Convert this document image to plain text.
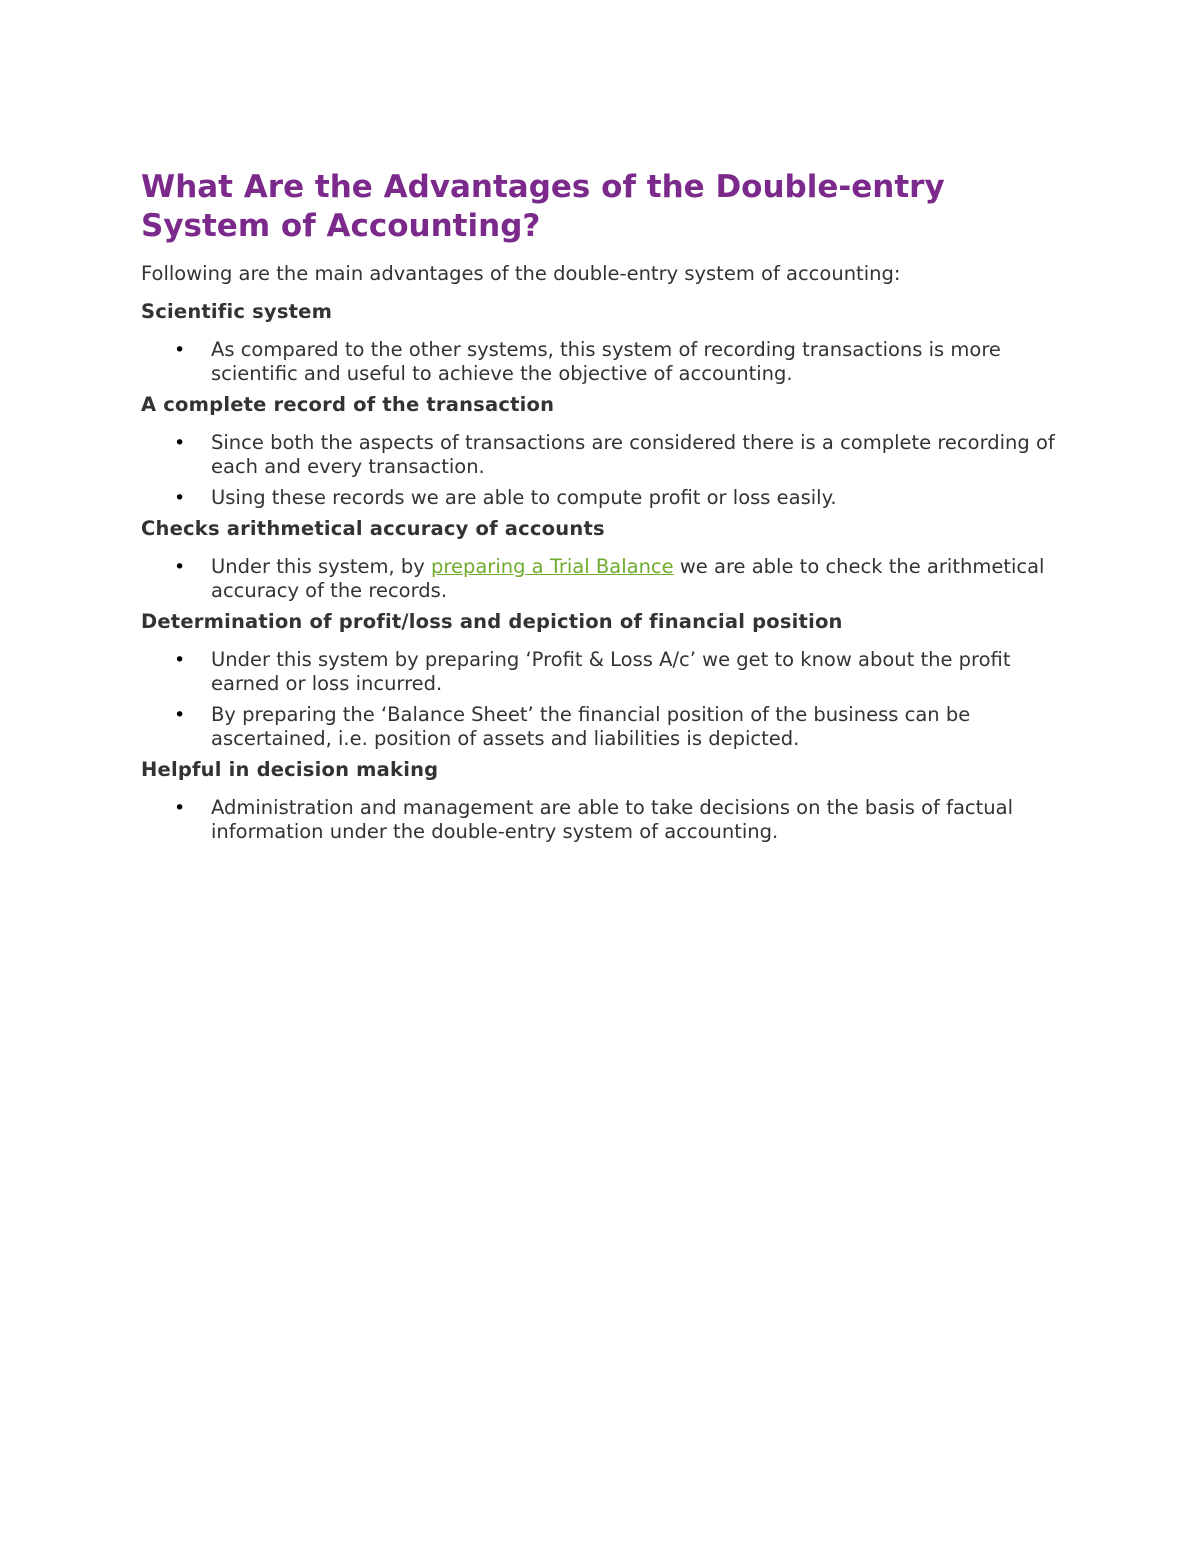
What Are the Advantages of the Double-entry System of Accounting?

Following are the main advantages of the double-entry system of accounting:

Scientific system
• As compared to the other systems, this system of recording transactions is more scientific and useful to achieve the objective of accounting.
A complete record of the transaction
• Since both the aspects of transactions are considered there is a complete recording of each and every transaction.
• Using these records we are able to compute profit or loss easily.
Checks arithmetical accuracy of accounts
• Under this system, by preparing a Trial Balance we are able to check the arithmetical accuracy of the records.
Determination of profit/loss and depiction of financial position
• Under this system by preparing ‘Profit & Loss A/c’ we get to know about the profit earned or loss incurred.
• By preparing the ‘Balance Sheet’ the financial position of the business can be ascertained, i.e. position of assets and liabilities is depicted.
Helpful in decision making
• Administration and management are able to take decisions on the basis of factual information under the double-entry system of accounting.
